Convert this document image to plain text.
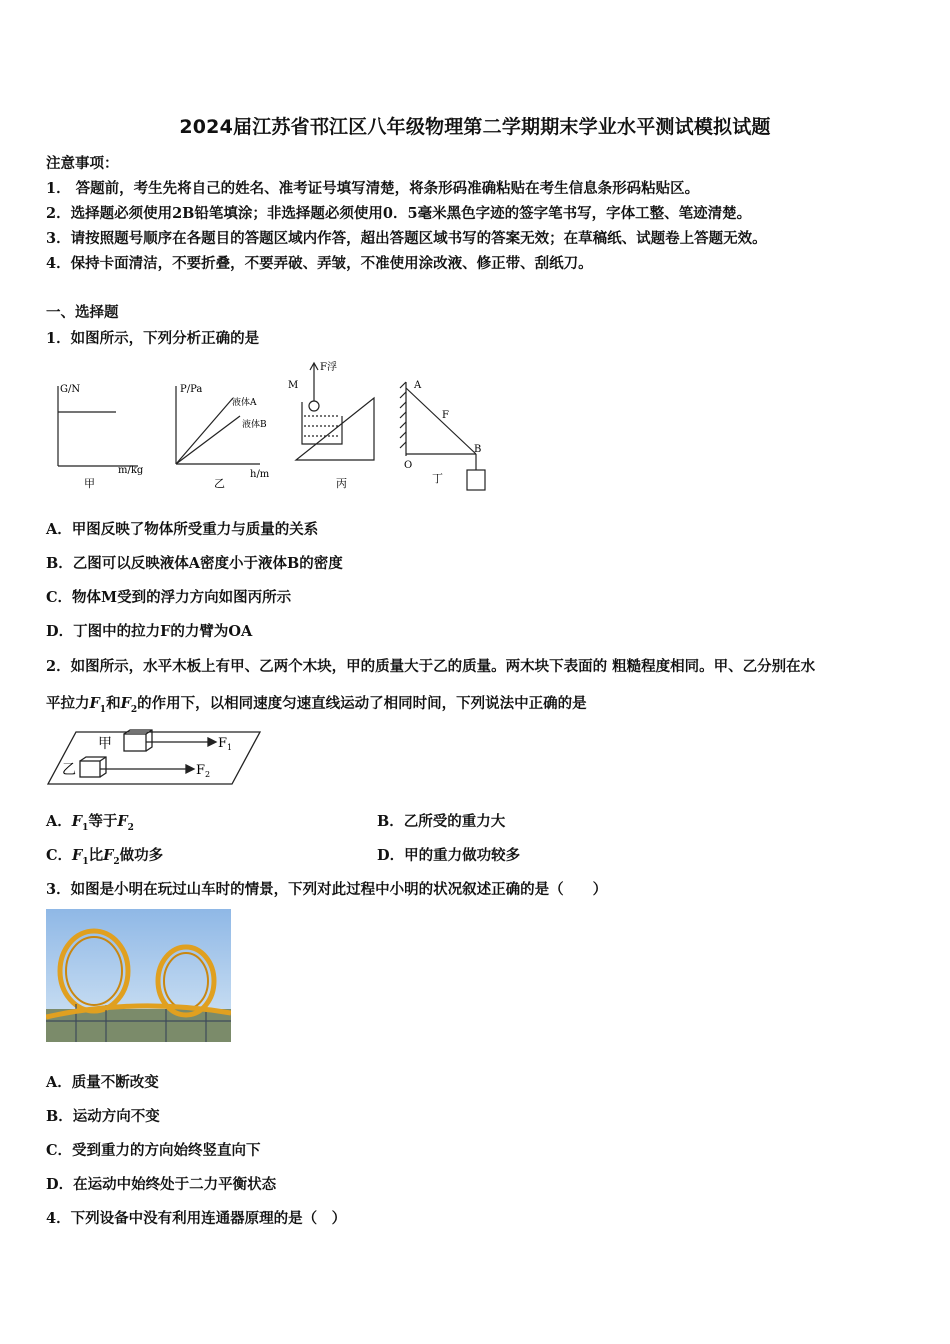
2024届江苏省邗江区八年级物理第二学期期末学业水平测试模拟试题
注意事项：
1． 答题前，考生先将自己的姓名、准考证号填写清楚，将条形码准确粘贴在考生信息条形码粘贴区。
2．选择题必须使用2B铅笔填涂；非选择题必须使用0．5毫米黑色字迹的签字笔书写，字体工整、笔迹清楚。
3．请按照题号顺序在各题目的答题区域内作答，超出答题区域书写的答案无效；在草稿纸、试题卷上答题无效。
4．保持卡面清洁，不要折叠，不要弄破、弄皱，不准使用涂改液、修正带、刮纸刀。
一、选择题
1．如图所示，下列分析正确的是
G/N
m/kg
甲
P/Pa
液体A
液体B
h/m
乙
F浮
M
丙
A
F
B
O
丁
A．甲图反映了物体所受重力与质量的关系
B．乙图可以反映液体A密度小于液体B的密度
C．物体M受到的浮力方向如图丙所示
D．丁图中的拉力F的力臂为OA
2．如图所示，水平木板上有甲、乙两个木块，甲的质量大于乙的质量。两木块下表面的 粗糙程度相同。甲、乙分别在水
平拉力$F_1$和$F_2$的作用下，以相同速度匀速直线运动了相同时间，下列说法中正确的是
甲
乙
F 1
F 2
A．$F_1$等于$F_2$	B．乙所受的重力大
C．$F_1$比$F_2$做功多	D．甲的重力做功较多
3．如图是小明在玩过山车时的情景，下列对此过程中小明的状况叙述正确的是（　　）
A．质量不断改变
B．运动方向不变
C．受到重力的方向始终竖直向下
D．在运动中始终处于二力平衡状态
4．下列设备中没有利用连通器原理的是（　）
